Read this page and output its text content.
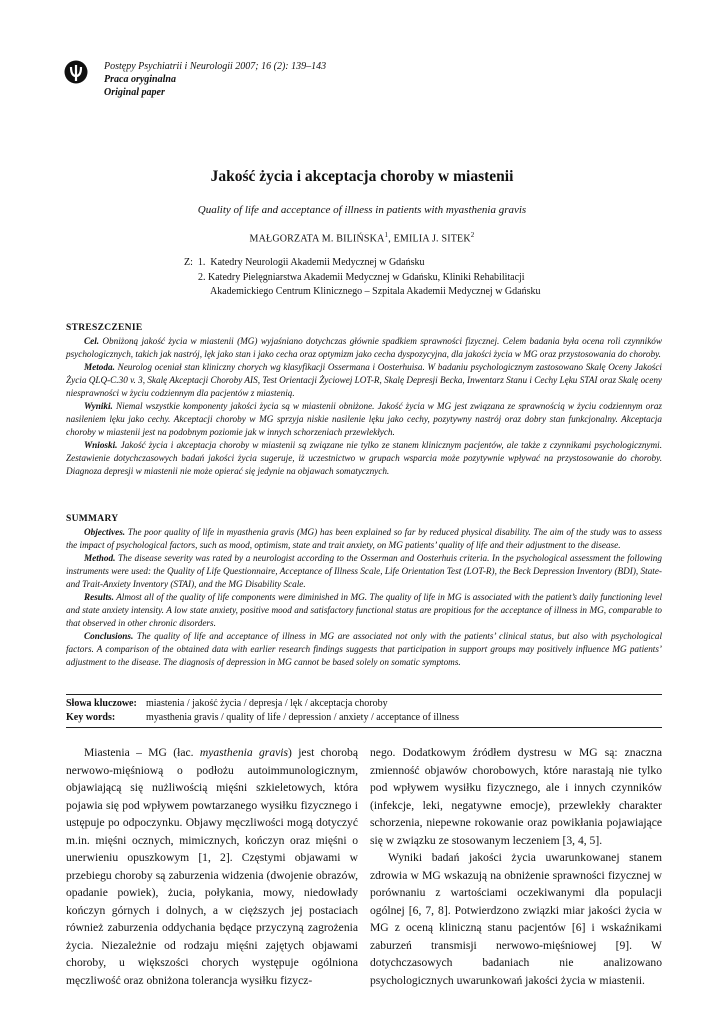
Postępy Psychiatrii i Neurologii 2007; 16 (2): 139–143
Praca oryginalna
Original paper
Jakość życia i akceptacja choroby w miastenii
Quality of life and acceptance of illness in patients with myasthenia gravis
MAŁGORZATA M. BILIŃSKA$^1$, EMILIA J. SITEK$^2$
Z:  1.  Katedry Neurologii Akademii Medycznej w Gdańsku
2. Katedry Pielęgniarstwa Akademii Medycznej w Gdańsku, Kliniki Rehabilitacji
Akademickiego Centrum Klinicznego – Szpitala Akademii Medycznej w Gdańsku
STRESZCZENIE

Cel. Obniżoną jakość życia w miastenii (MG) wyjaśniano dotychczas głównie spadkiem sprawności fizycznej. Celem badania była ocena roli czynników psychologicznych, takich jak nastrój, lęk jako stan i jako cecha oraz optymizm jako cecha dyspozycyjna, dla jakości życia w MG oraz przystosowania do choroby.

Metoda. Neurolog oceniał stan kliniczny chorych wg klasyfikacji Ossermana i Oosterhuisa. W badaniu psychologicznym zastosowano Skalę Oceny Jakości Życia QLQ-C.30 v. 3, Skalę Akceptacji Choroby AIS, Test Orientacji Życiowej LOT-R, Skalę Depresji Becka, Inwentarz Stanu i Cechy Lęku STAI oraz Skalę oceny niesprawności w życiu codziennym dla pacjentów z miastenią.

Wyniki. Niemal wszystkie komponenty jakości życia są w miastenii obniżone. Jakość życia w MG jest związana ze sprawnością w życiu codziennym oraz nasileniem lęku jako cechy. Akceptacji choroby w MG sprzyja niskie nasilenie lęku jako cechy, pozytywny nastrój oraz dobry stan funkcjonalny. Akceptacja choroby w miastenii jest na podobnym poziomie jak w innych schorzeniach przewlekłych.

Wnioski. Jakość życia i akceptacja choroby w miastenii są związane nie tylko ze stanem klinicznym pacjentów, ale także z czynnikami psychologicznymi. Zestawienie dotychczasowych badań jakości życia sugeruje, iż uczestnictwo w grupach wsparcia może pozytywnie wpływać na przystosowanie do choroby. Diagnoza depresji w miastenii nie może opierać się jedynie na objawach somatycznych.

SUMMARY

Objectives. The poor quality of life in myasthenia gravis (MG) has been explained so far by reduced physical disability. The aim of the study was to assess the impact of psychological factors, such as mood, optimism, state and trait anxiety, on MG patients’ quality of life and their adjustment to the disease.

Method. The disease severity was rated by a neurologist according to the Osserman and Oosterhuis criteria. In the psychological assessment the following instruments were used: the Quality of Life Questionnaire, Acceptance of Illness Scale, Life Orientation Test (LOT-R), the Beck Depression Inventory (BDI), State- and Trait-Anxiety Inventory (STAI), and the MG Disability Scale.

Results. Almost all of the quality of life components were diminished in MG. The quality of life in MG is associated with the patient’s daily functioning level and state anxiety intensity. A low state anxiety, positive mood and satisfactory functional status are propitious for the acceptance of illness in MG, comparable to that observed in other chronic disorders.

Conclusions. The quality of life and acceptance of illness in MG are associated not only with the patients’ clinical status, but also with psychological factors. A comparison of the obtained data with earlier research findings suggests that participation in support groups may positively influence MG patients’ adjustment to the disease. The diagnosis of depression in MG cannot be based solely on somatic symptoms.

Słowa kluczowe: miastenia / jakość życia / depresja / lęk / akceptacja choroby
Key words:	myasthenia gravis / quality of life / depression / anxiety / acceptance of illness

Miastenia – MG (łac. myasthenia gravis) jest chorobą nerwowo-mięśniową o podłożu autoimmunologicznym, objawiającą się nużliwością mięśni szkieletowych, która pojawia się pod wpływem powtarzanego wysiłku fizycznego i ustępuje po odpoczynku. Objawy męczliwości mogą dotyczyć m.in. mięśni ocznych, mimicznych, kończyn oraz mięśni o unerwieniu opuszkowym [1, 2]. Częstymi objawami w przebiegu choroby są zaburzenia widzenia (dwojenie obrazów, opadanie powiek), żucia, połykania, mowy, niedowłady kończyn górnych i dolnych, a w cięższych jej postaciach również zaburzenia oddychania będące przyczyną zagrożenia życia. Niezależnie od rodzaju mięśni zajętych objawami choroby, u większości chorych występuje ogólniona męczliwość oraz obniżona tolerancja wysiłku fizycz-

nego. Dodatkowym źródłem dystresu w MG są: znaczna zmienność objawów chorobowych, które narastają nie tylko pod wpływem wysiłku fizycznego, ale i innych czynników (infekcje, leki, negatywne emocje), przewlekły charakter schorzenia, niepewne rokowanie oraz powikłania pojawiające się w związku ze stosowanym leczeniem [3, 4, 5].

Wyniki badań jakości życia uwarunkowanej stanem zdrowia w MG wskazują na obniżenie sprawności fizycznej w porównaniu z wartościami oczekiwanymi dla populacji ogólnej [6, 7, 8]. Potwierdzono związki miar jakości życia w MG z oceną kliniczną stanu pacjentów [6] i wskaźnikami zaburzeń transmisji nerwowo-mięśniowej [9]. W dotychczasowych badaniach nie analizowano psychologicznych uwarunkowań jakości życia w miastenii.
